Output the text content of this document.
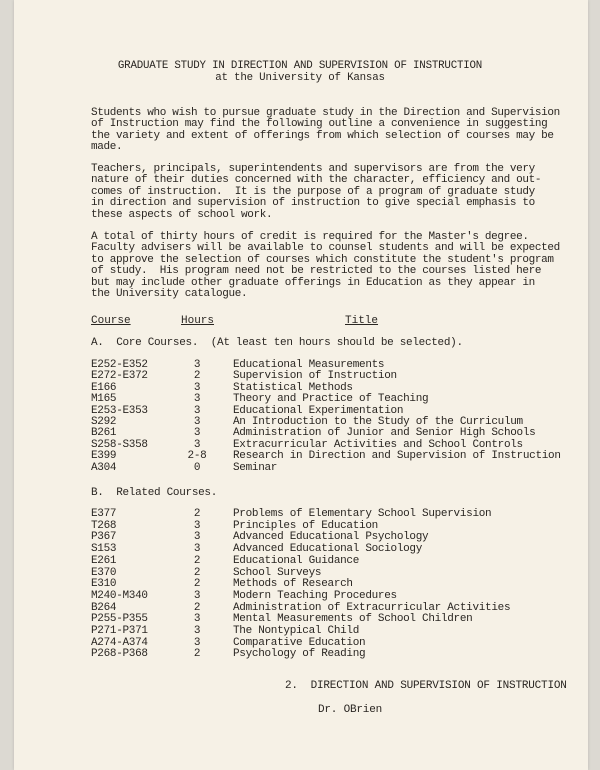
GRADUATE STUDY IN DIRECTION AND SUPERVISION OF INSTRUCTION
at the University of Kansas
Students who wish to pursue graduate study in the Direction and Supervision
of Instruction may find the following outline a convenience in suggesting
the variety and extent of offerings from which selection of courses may be
made.
Teachers, principals, superintendents and supervisors are from the very
nature of their duties concerned with the character, efficiency and out-
comes of instruction.  It is the purpose of a program of graduate study
in direction and supervision of instruction to give special emphasis to
these aspects of school work.
A total of thirty hours of credit is required for the Master's degree.
Faculty advisers will be available to counsel students and will be expected
to approve the selection of courses which constitute the student's program
of study.  His program need not be restricted to the courses listed here
but may include other graduate offerings in Education as they appear in
the University catalogue.
Course	Hours	Title
A.  Core Courses.  (At least ten hours should be selected).
E252-E352	3	Educational Measurements
E272-E372	2	Supervision of Instruction
E166	3	Statistical Methods
M165	3	Theory and Practice of Teaching
E253-E353	3	Educational Experimentation
S292	3	An Introduction to the Study of the Curriculum
B261	3	Administration of Junior and Senior High Schools
S258-S358	3	Extracurricular Activities and School Controls
E399	2-8	Research in Direction and Supervision of Instruction
A304	0	Seminar
B.  Related Courses.
E377	2	Problems of Elementary School Supervision
T268	3	Principles of Education
P367	3	Advanced Educational Psychology
S153	3	Advanced Educational Sociology
E261	2	Educational Guidance
E370	2	School Surveys
E310	2	Methods of Research
M240-M340	3	Modern Teaching Procedures
B264	2	Administration of Extracurricular Activities
P255-P355	3	Mental Measurements of School Children
P271-P371	3	The Nontypical Child
A274-A374	3	Comparative Education
P268-P368	2	Psychology of Reading
2.  DIRECTION AND SUPERVISION OF INSTRUCTION
Dr. OBrien
